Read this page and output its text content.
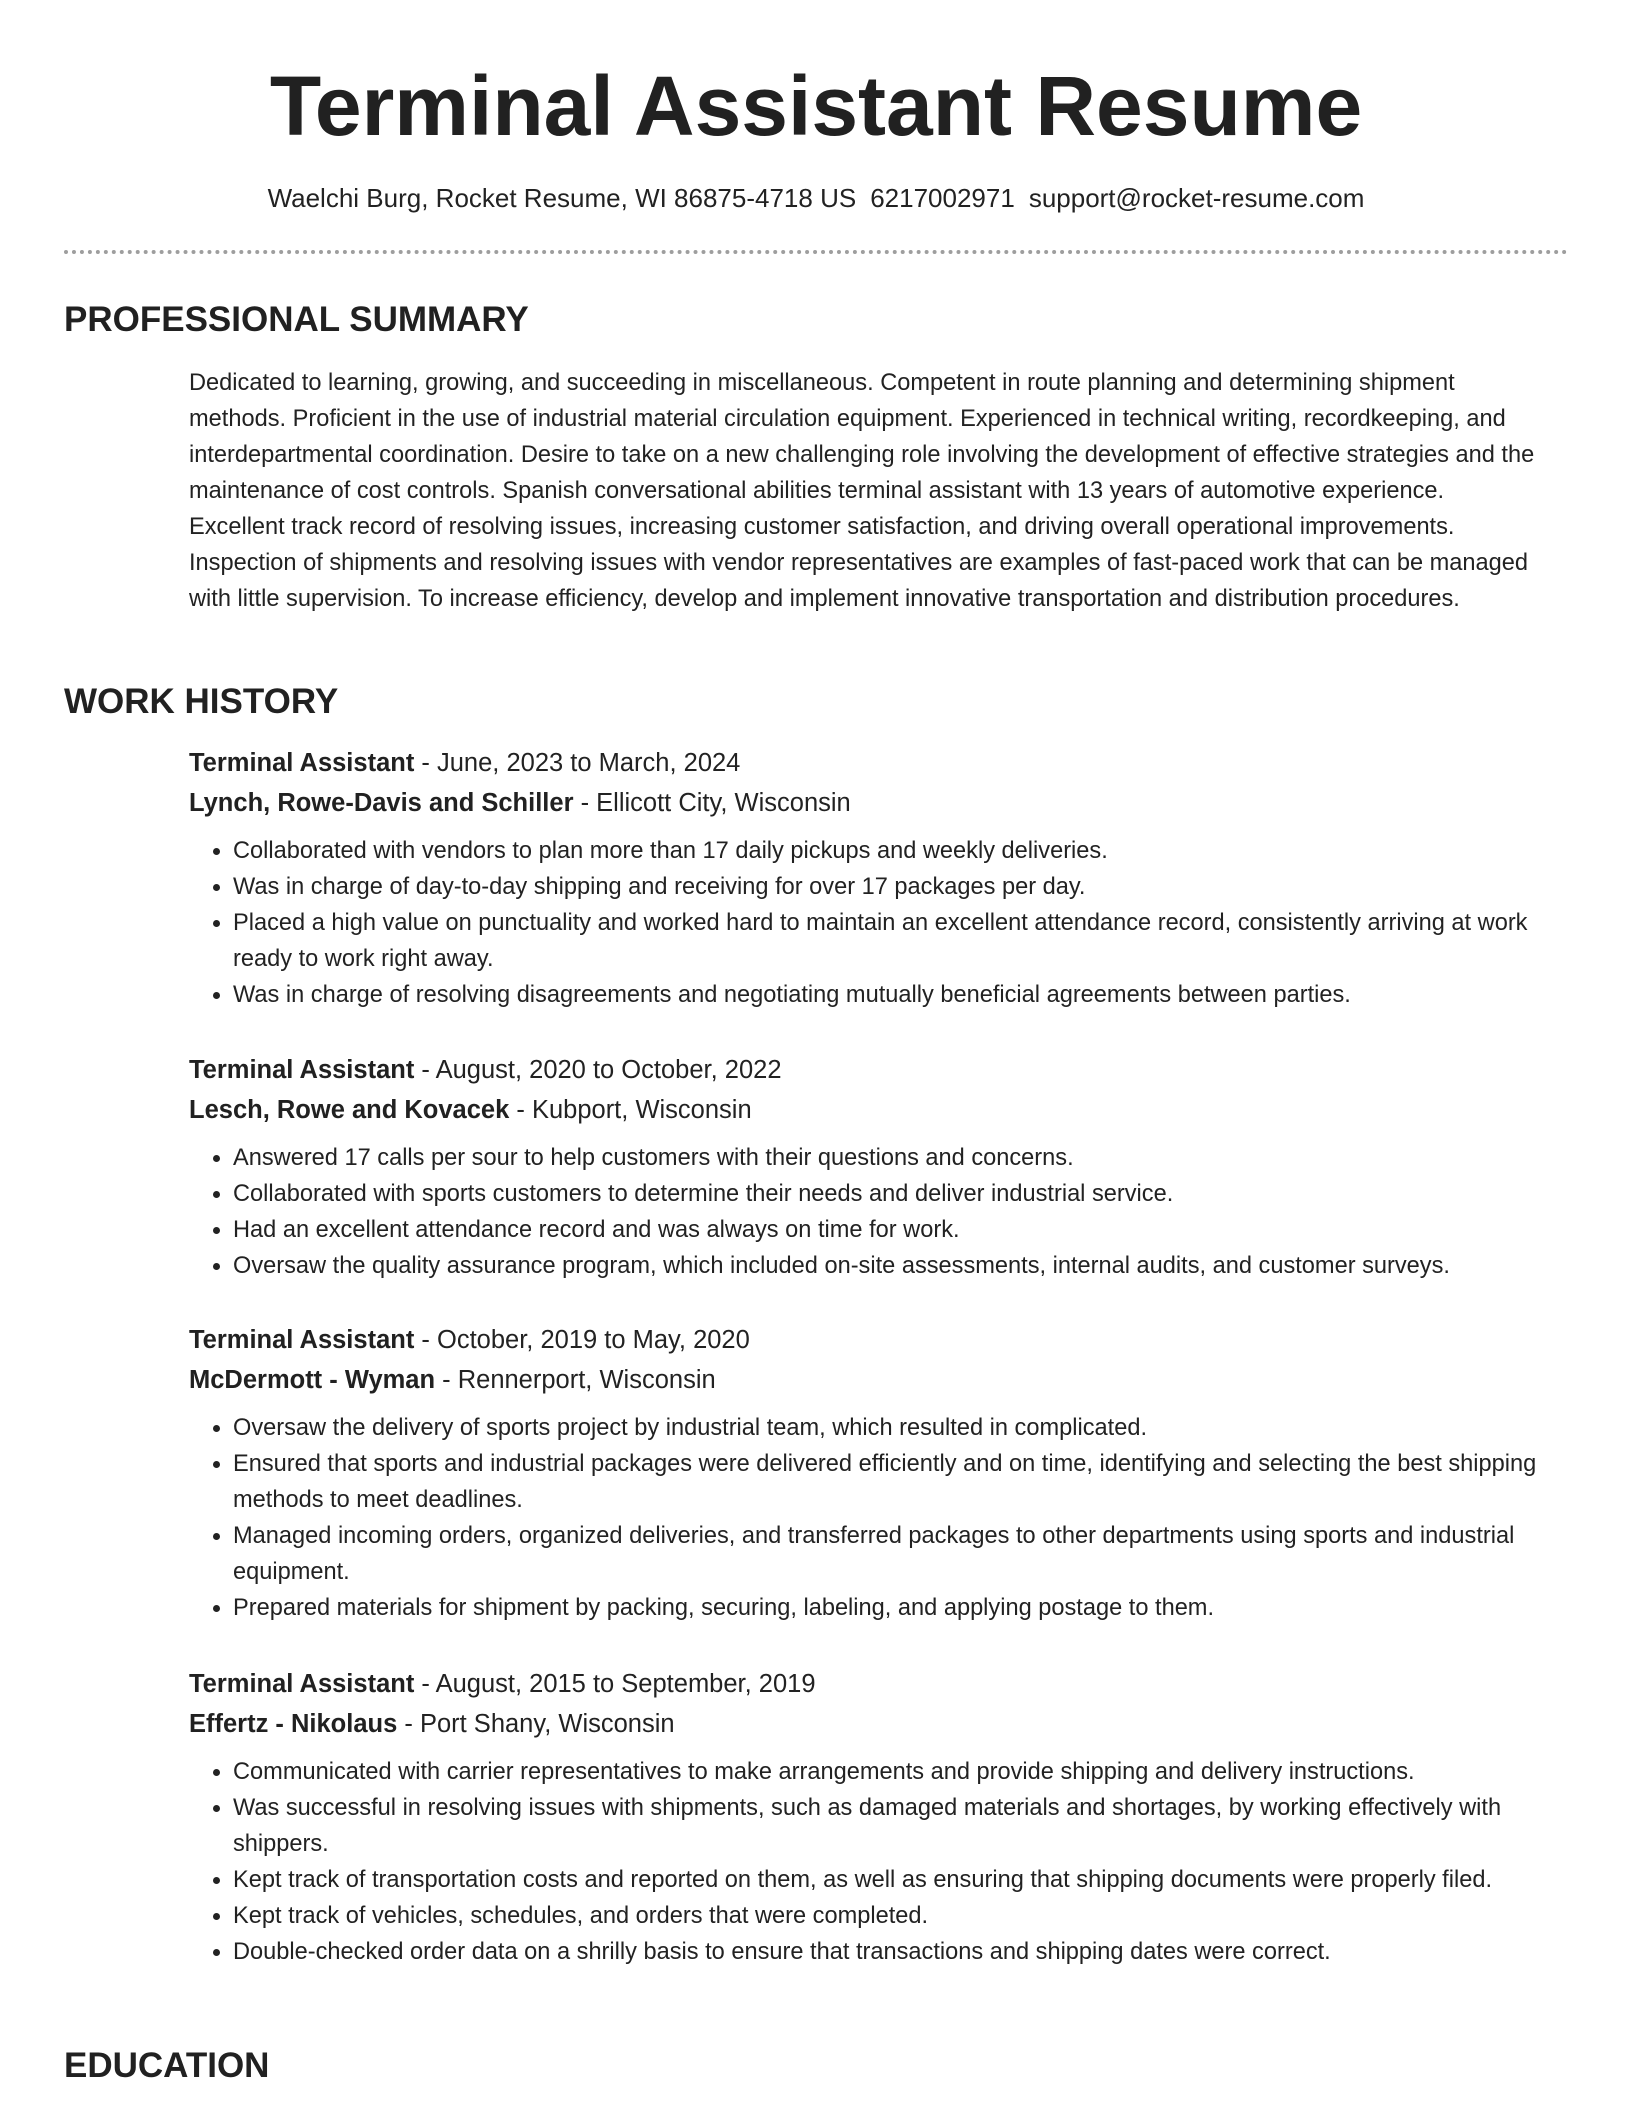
Terminal Assistant Resume
Waelchi Burg, Rocket Resume, WI 86875-4718 US 6217002971 support@rocket-resume.com
PROFESSIONAL SUMMARY

Dedicated to learning, growing, and succeeding in miscellaneous. Competent in route planning and determining shipment methods. Proficient in the use of industrial material circulation equipment. Experienced in technical writing, recordkeeping, and interdepartmental coordination. Desire to take on a new challenging role involving the development of effective strategies and the maintenance of cost controls. Spanish conversational abilities terminal assistant with 13 years of automotive experience. Excellent track record of resolving issues, increasing customer satisfaction, and driving overall operational improvements. Inspection of shipments and resolving issues with vendor representatives are examples of fast-paced work that can be managed with little supervision. To increase efficiency, develop and implement innovative transportation and distribution procedures.

WORK HISTORY

Terminal Assistant - June, 2023 to March, 2024

Lynch, Rowe-Davis and Schiller - Ellicott City, Wisconsin

• Collaborated with vendors to plan more than 17 daily pickups and weekly deliveries.
• Was in charge of day-to-day shipping and receiving for over 17 packages per day.
• Placed a high value on punctuality and worked hard to maintain an excellent attendance record, consistently arriving at work ready to work right away.
• Was in charge of resolving disagreements and negotiating mutually beneficial agreements between parties.

Terminal Assistant - August, 2020 to October, 2022

Lesch, Rowe and Kovacek - Kubport, Wisconsin

• Answered 17 calls per sour to help customers with their questions and concerns.
• Collaborated with sports customers to determine their needs and deliver industrial service.
• Had an excellent attendance record and was always on time for work.
• Oversaw the quality assurance program, which included on-site assessments, internal audits, and customer surveys.

Terminal Assistant - October, 2019 to May, 2020

McDermott - Wyman - Rennerport, Wisconsin

• Oversaw the delivery of sports project by industrial team, which resulted in complicated.
• Ensured that sports and industrial packages were delivered efficiently and on time, identifying and selecting the best shipping methods to meet deadlines.
• Managed incoming orders, organized deliveries, and transferred packages to other departments using sports and industrial equipment.
• Prepared materials for shipment by packing, securing, labeling, and applying postage to them.

Terminal Assistant - August, 2015 to September, 2019

Effertz - Nikolaus - Port Shany, Wisconsin

• Communicated with carrier representatives to make arrangements and provide shipping and delivery instructions.
• Was successful in resolving issues with shipments, such as damaged materials and shortages, by working effectively with shippers.
• Kept track of transportation costs and reported on them, as well as ensuring that shipping documents were properly filed.
• Kept track of vehicles, schedules, and orders that were completed.
• Double-checked order data on a shrilly basis to ensure that transactions and shipping dates were correct.
EDUCATION
